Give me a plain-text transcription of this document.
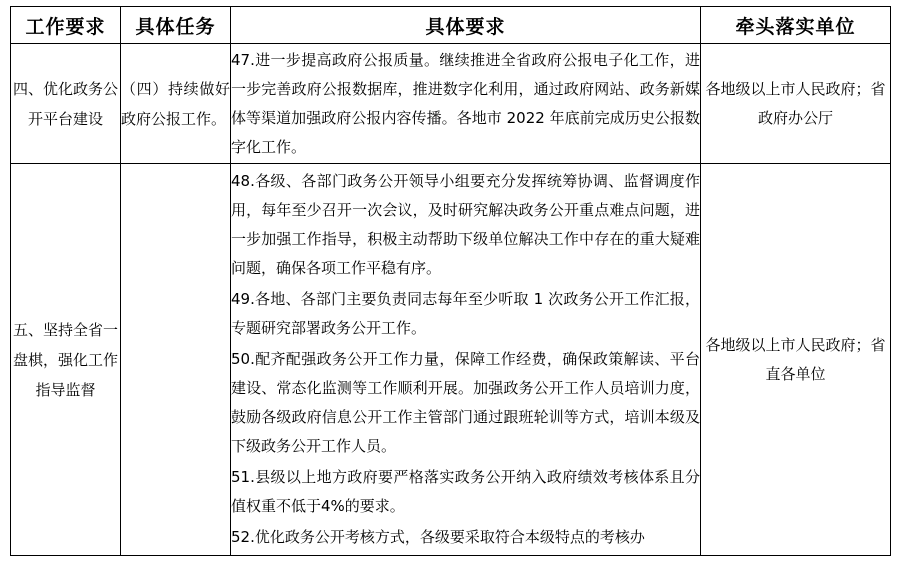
工作要求	具体任务	具体要求	牵头落实单位
四、优化政务公开平台建设	（四）持续做好政府公报工作。	47.进一步提高政府公报质量。继续推进全省政府公报电子化工作，进一步完善政府公报数据库，推进数字化利用，通过政府网站、政务新媒体等渠道加强政府公报内容传播。各地市 2022 年底前完成历史公报数字化工作。	各地级以上市人民政府；省政府办公厅
五、坚持全省一盘棋，强化工作指导监督		48.各级、各部门政务公开领导小组要充分发挥统筹协调、监督调度作用，每年至少召开一次会议，及时研究解决政务公开重点难点问题，进一步加强工作指导，积极主动帮助下级单位解决工作中存在的重大疑难问题，确保各项工作平稳有序。

49.各地、各部门主要负责同志每年至少听取 1 次政务公开工作汇报，专题研究部署政务公开工作。

50.配齐配强政务公开工作力量，保障工作经费，确保政策解读、平台建设、常态化监测等工作顺利开展。加强政务公开工作人员培训力度，鼓励各级政府信息公开工作主管部门通过跟班轮训等方式，培训本级及下级政务公开工作人员。

51.县级以上地方政府要严格落实政务公开纳入政府绩效考核体系且分值权重不低于4%的要求。

52.优化政务公开考核方式，各级要采取符合本级特点的考核办	各地级以上市人民政府；省直各单位
